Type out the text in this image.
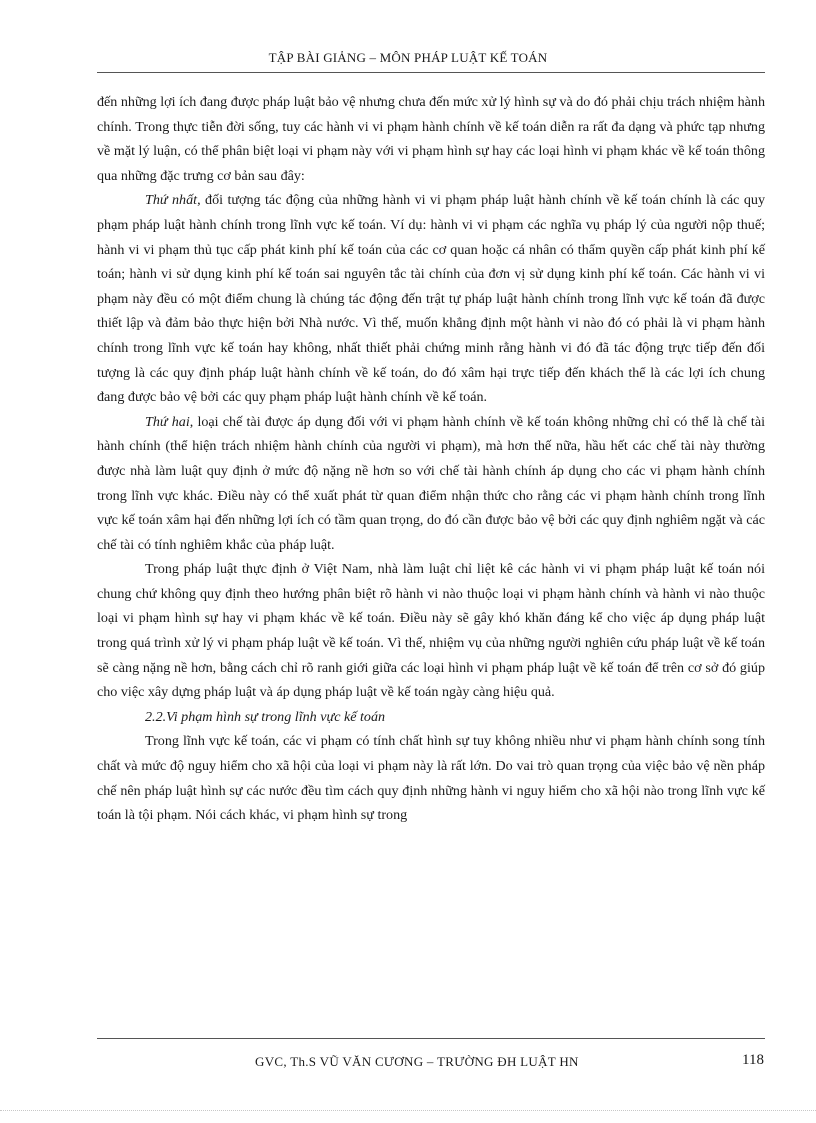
TẬP BÀI GIẢNG – MÔN PHÁP LUẬT KẾ TOÁN

đến những lợi ích đang được pháp luật bảo vệ nhưng chưa đến mức xử lý hình sự và do đó phải chịu trách nhiệm hành chính. Trong thực tiễn đời sống, tuy các hành vi vi phạm hành chính về kế toán diễn ra rất đa dạng và phức tạp nhưng về mặt lý luận, có thể phân biệt loại vi phạm này với vi phạm hình sự hay các loại hình vi phạm khác về kế toán thông qua những đặc trưng cơ bản sau đây:

Thứ nhất, đối tượng tác động của những hành vi vi phạm pháp luật hành chính về kế toán chính là các quy phạm pháp luật hành chính trong lĩnh vực kế toán. Ví dụ: hành vi vi phạm các nghĩa vụ pháp lý của người nộp thuế; hành vi vi phạm thủ tục cấp phát kinh phí kế toán của các cơ quan hoặc cá nhân có thẩm quyền cấp phát kinh phí kế toán; hành vi sử dụng kinh phí kế toán sai nguyên tắc tài chính của đơn vị sử dụng kinh phí kế toán. Các hành vi vi phạm này đều có một điểm chung là chúng tác động đến trật tự pháp luật hành chính trong lĩnh vực kế toán đã được thiết lập và đảm bảo thực hiện bởi Nhà nước. Vì thế, muốn khẳng định một hành vi nào đó có phải là vi phạm hành chính trong lĩnh vực kế toán hay không, nhất thiết phải chứng minh rằng hành vi đó đã tác động trực tiếp đến đối tượng là các quy định pháp luật hành chính về kế toán, do đó xâm hại trực tiếp đến khách thể là các lợi ích chung đang được bảo vệ bởi các quy phạm pháp luật hành chính về kế toán.

Thứ hai, loại chế tài được áp dụng đối với vi phạm hành chính về kế toán không những chỉ có thể là chế tài hành chính (thể hiện trách nhiệm hành chính của người vi phạm), mà hơn thế nữa, hầu hết các chế tài này thường được nhà làm luật quy định ở mức độ nặng nề hơn so với chế tài hành chính áp dụng cho các vi phạm hành chính trong lĩnh vực khác. Điều này có thể xuất phát từ quan điểm nhận thức cho rằng các vi phạm hành chính trong lĩnh vực kế toán xâm hại đến những lợi ích có tầm quan trọng, do đó cần được bảo vệ bởi các quy định nghiêm ngặt và các chế tài có tính nghiêm khắc của pháp luật.

Trong pháp luật thực định ở Việt Nam, nhà làm luật chỉ liệt kê các hành vi vi phạm pháp luật kế toán nói chung chứ không quy định theo hướng phân biệt rõ hành vi nào thuộc loại vi phạm hành chính và hành vi nào thuộc loại vi phạm hình sự hay vi phạm khác về kế toán. Điều này sẽ gây khó khăn đáng kể cho việc áp dụng pháp luật trong quá trình xử lý vi phạm pháp luật về kế toán. Vì thế, nhiệm vụ của những người nghiên cứu pháp luật về kế toán sẽ càng nặng nề hơn, bằng cách chỉ rõ ranh giới giữa các loại hình vi phạm pháp luật về kế toán để trên cơ sở đó giúp cho việc xây dựng pháp luật và áp dụng pháp luật về kế toán ngày càng hiệu quả.

2.2.Vi phạm hình sự trong lĩnh vực kế toán

Trong lĩnh vực kế toán, các vi phạm có tính chất hình sự tuy không nhiều như vi phạm hành chính song tính chất và mức độ nguy hiểm cho xã hội của loại vi phạm này là rất lớn. Do vai trò quan trọng của việc bảo vệ nền pháp chế nên pháp luật hình sự các nước đều tìm cách quy định những hành vi nguy hiểm cho xã hội nào trong lĩnh vực kế toán là tội phạm. Nói cách khác, vi phạm hình sự trong

GVC, Th.S VŨ VĂN CƯƠNG – TRƯỜNG ĐH LUẬT HN	118
